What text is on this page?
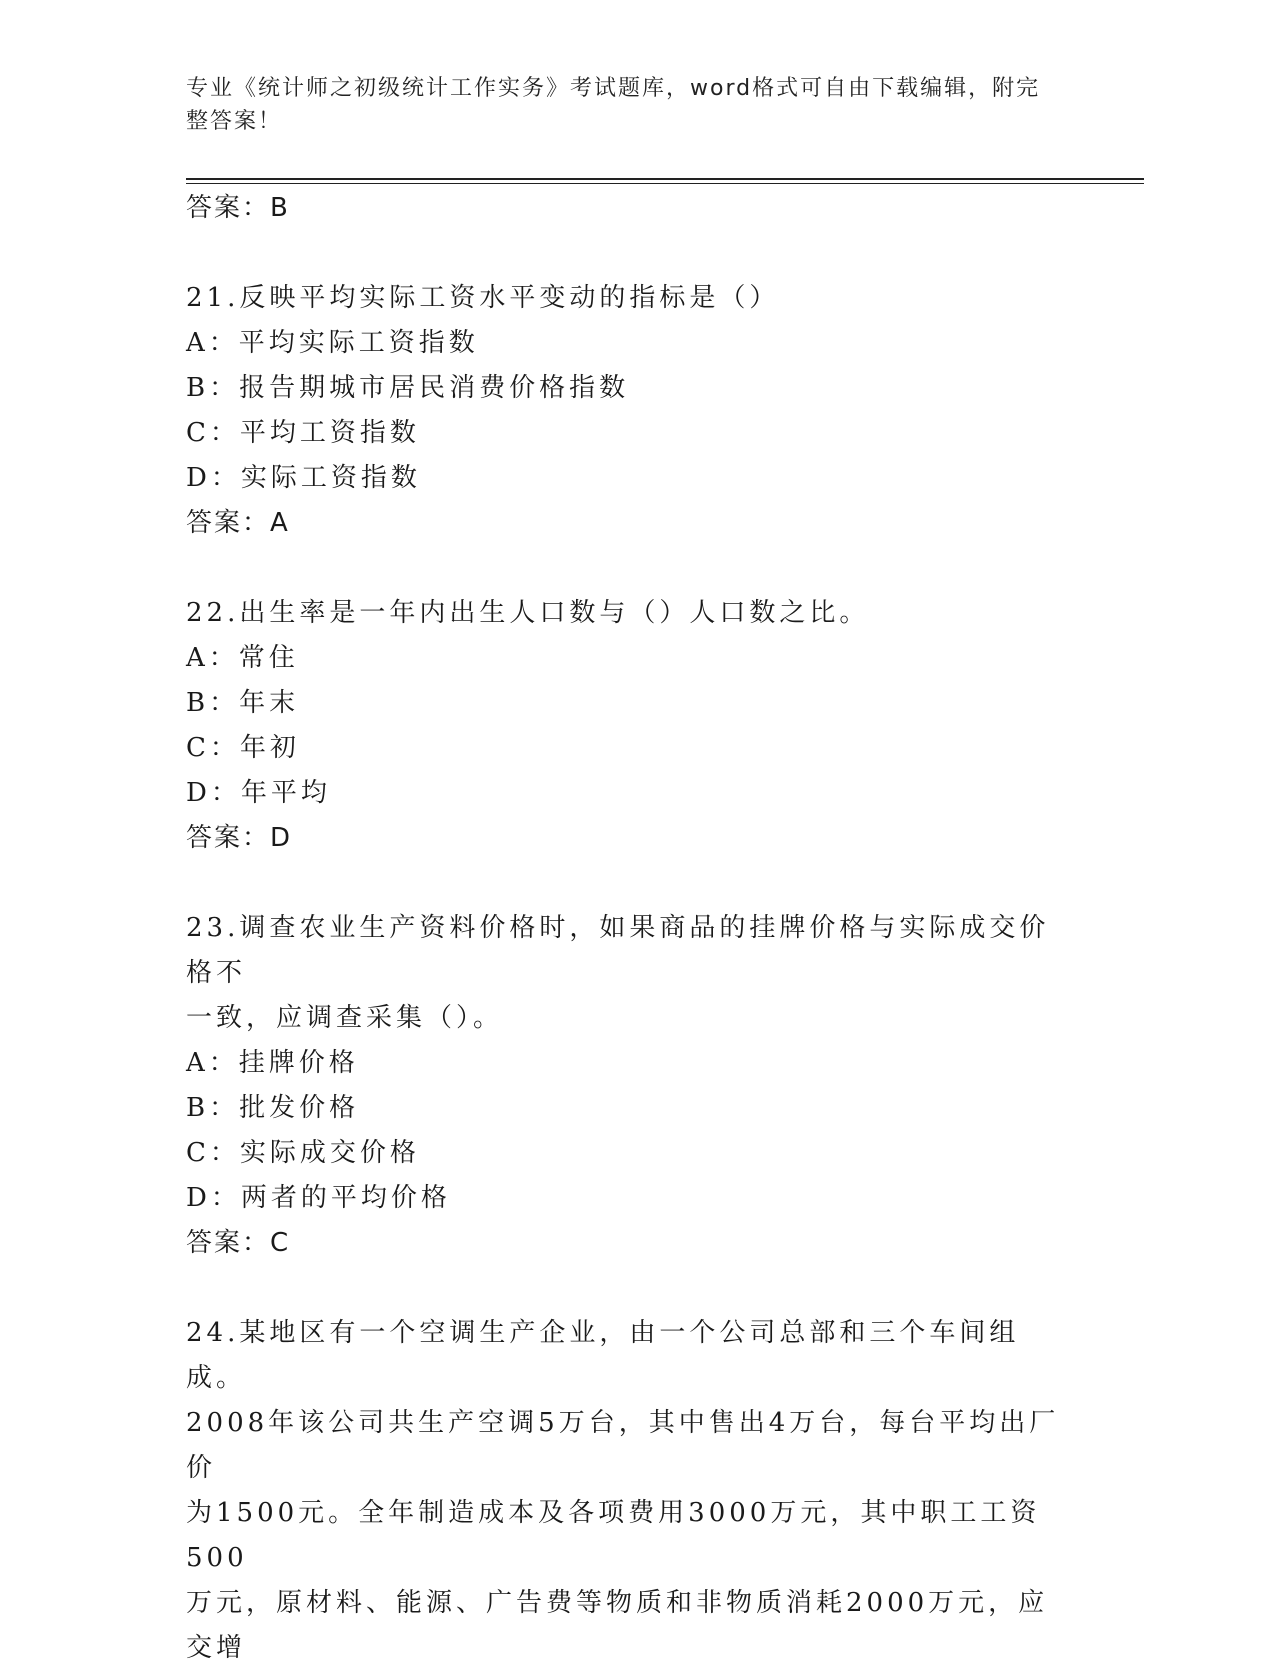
专业《统计师之初级统计工作实务》考试题库，word格式可自由下载编辑，附完
整答案！
答案：B
21.反映平均实际工资水平变动的指标是（）
A：平均实际工资指数
B：报告期城市居民消费价格指数
C：平均工资指数
D：实际工资指数
答案：A
22.出生率是一年内出生人口数与（）人口数之比。
A：常住
B：年末
C：年初
D：年平均
答案：D
23.调查农业生产资料价格时，如果商品的挂牌价格与实际成交价格不
一致，应调查采集（）。
A：挂牌价格
B：批发价格
C：实际成交价格
D：两者的平均价格
答案：C
24.某地区有一个空调生产企业，由一个公司总部和三个车间组成。
2008年该公司共生产空调5万台，其中售出4万台，每台平均出厂价
为1500元。全年制造成本及各项费用3000万元，其中职工工资500
万元，原材料、能源、广告费等物质和非物质消耗2000万元，应交增
